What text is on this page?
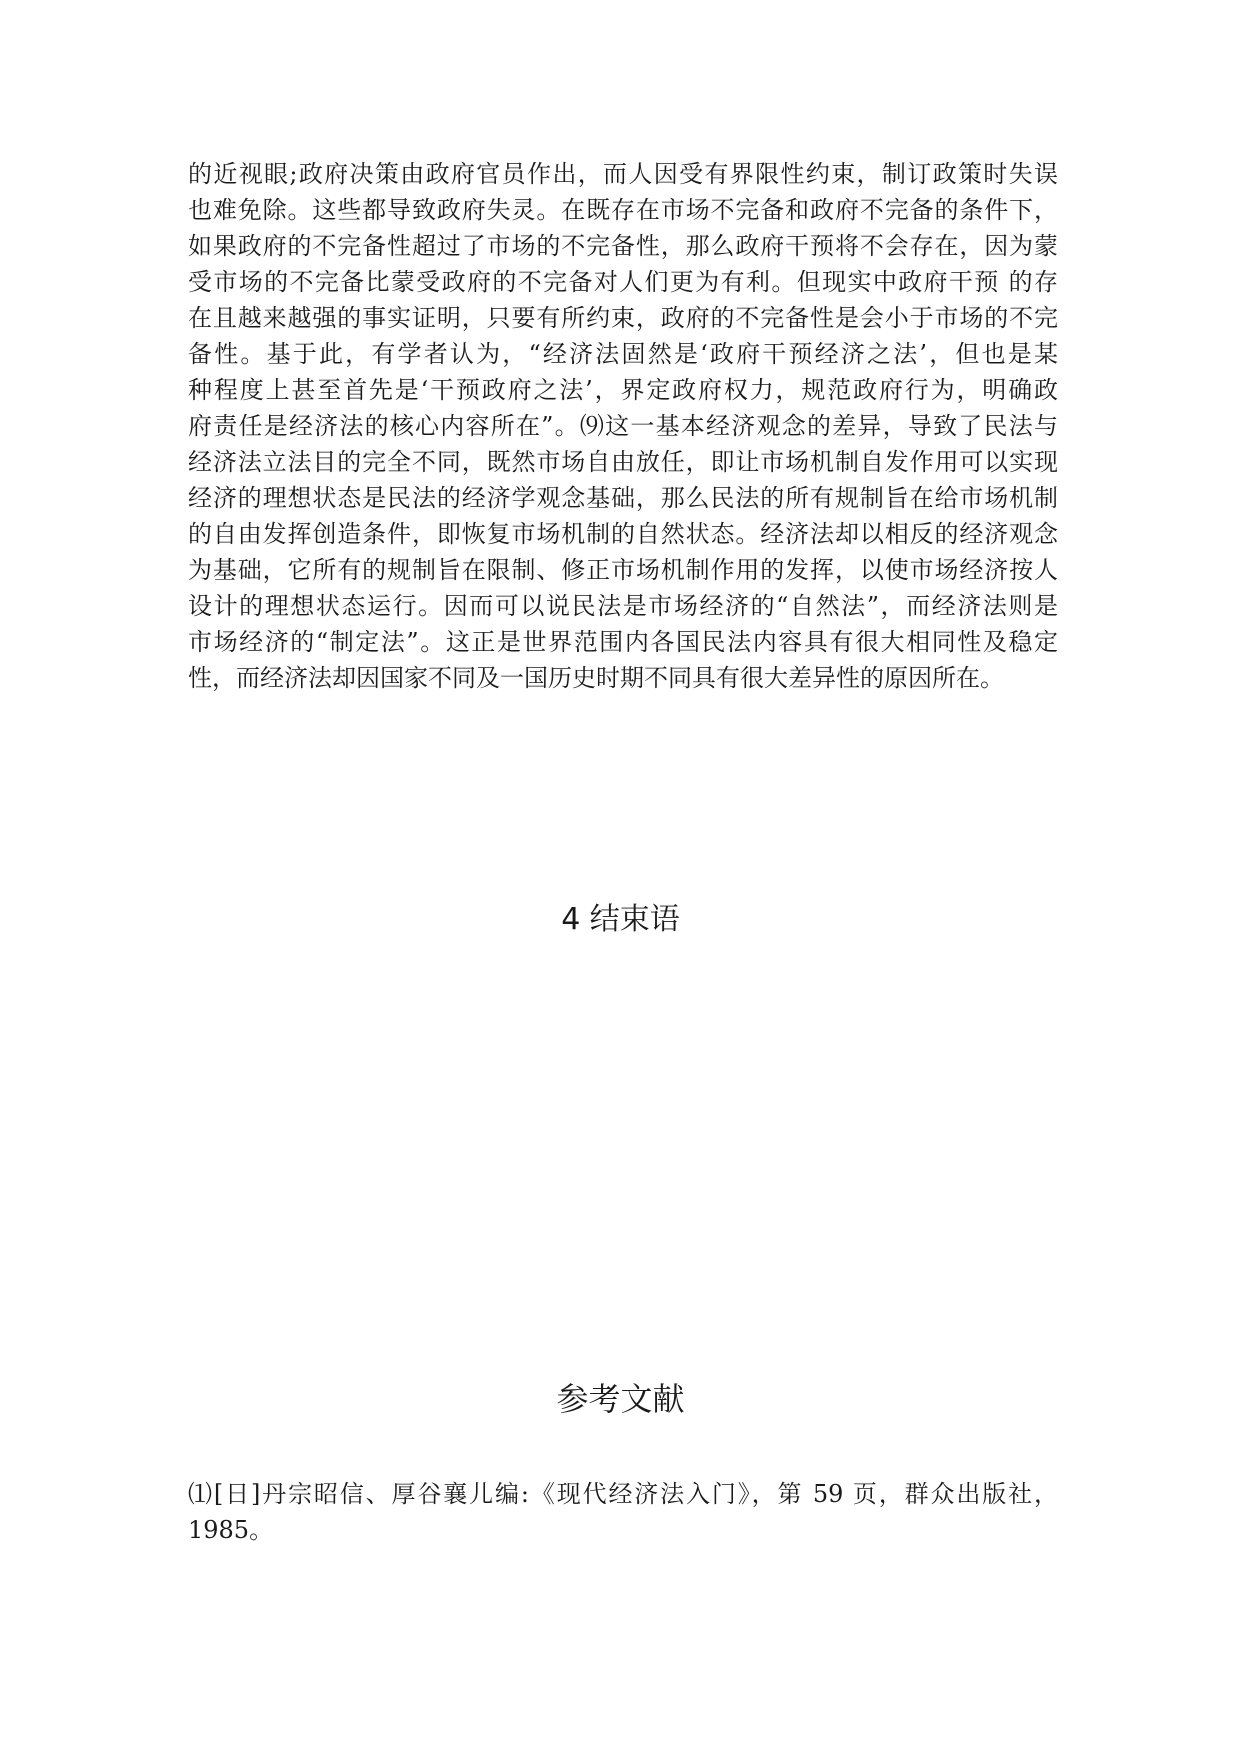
的近视眼;政府决策由政府官员作出，而人因受有界限性约束，制订政策时失误
也难免除。这些都导致政府失灵。在既存在市场不完备和政府不完备的条件下，
如果政府的不完备性超过了市场的不完备性，那么政府干预将不会存在，因为蒙
受市场的不完备比蒙受政府的不完备对人们更为有利。但现实中政府干预 的存
在且越来越强的事实证明，只要有所约束，政府的不完备性是会小于市场的不完
备性。基于此，有学者认为，“经济法固然是‘政府干预经济之法’，但也是某
种程度上甚至首先是‘干预政府之法’，界定政府权力，规范政府行为，明确政
府责任是经济法的核心内容所在”。⑼这一基本经济观念的差异，导致了民法与
经济法立法目的完全不同，既然市场自由放任，即让市场机制自发作用可以实现
经济的理想状态是民法的经济学观念基础，那么民法的所有规制旨在给市场机制
的自由发挥创造条件，即恢复市场机制的自然状态。经济法却以相反的经济观念
为基础，它所有的规制旨在限制、修正市场机制作用的发挥，以使市场经济按人
设计的理想状态运行。因而可以说民法是市场经济的“自然法”，而经济法则是
市场经济的“制定法”。这正是世界范围内各国民法内容具有很大相同性及稳定
性，而经济法却因国家不同及一国历史时期不同具有很大差异性的原因所在。
4 结束语
参考文献
⑴[日]丹宗昭信、厚谷襄儿编:《现代经济法入门》，第 59 页，群众出版社，
1985。
